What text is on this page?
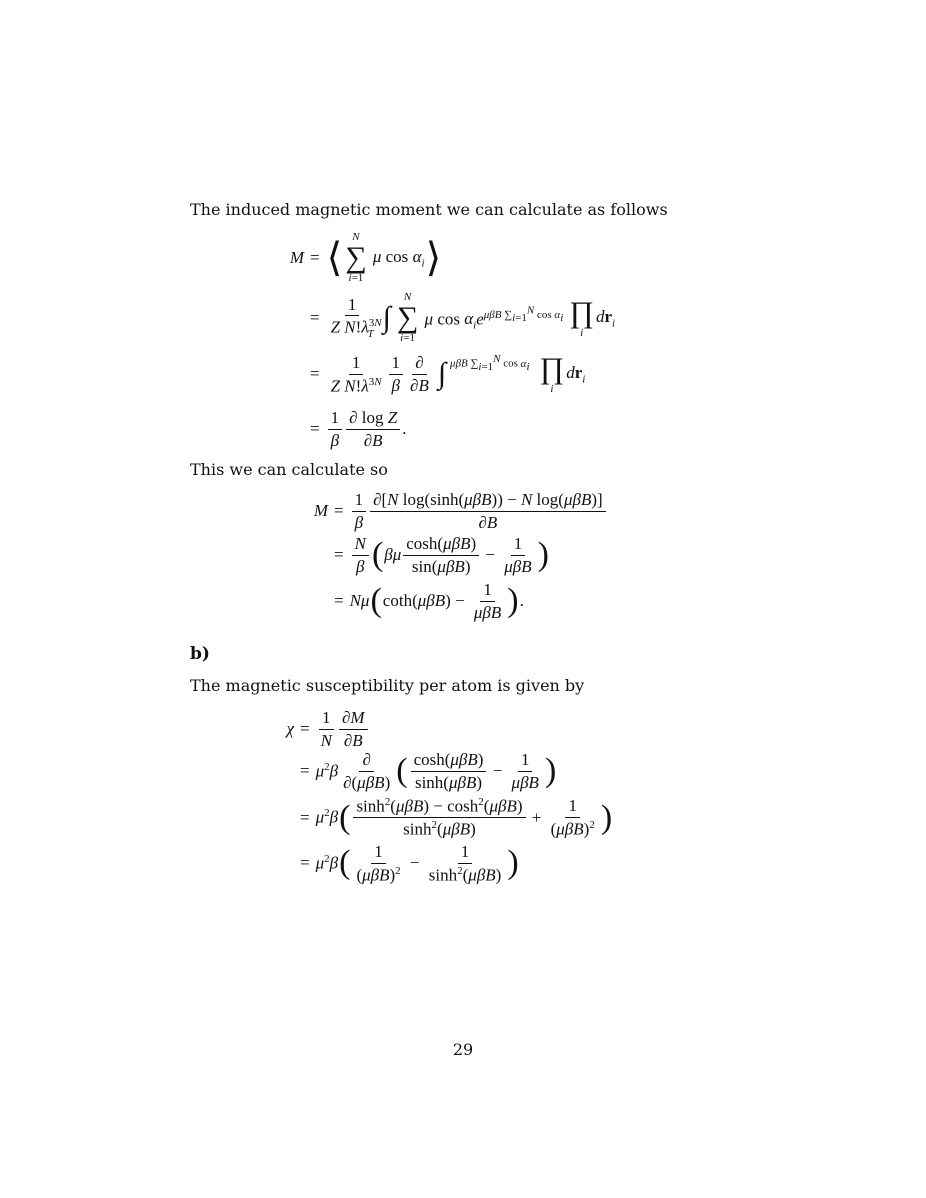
The induced magnetic moment we can calculate as follows
M = ⟨ N
∑
i=1
μ $\cos \alpha_i$ ⟩
= $\frac{1}{Z N!\lambda^{3N}_T}$ ∫
N
∑
i=1
μ $\cos \alpha_ie^{\mu\beta B \sum_{i=1}^N cos \alpha_i}$ ∏
i
$dr_i$
= $\frac{1}{Z N!\lambda^{3N}} \frac{1}{\beta} \frac{\partial}{\partial B}$ ∫ $^{\mu\beta B \sum_{i=1}^N cos \alpha_i}$ ∏
i
$dr_i$
= $\frac{1}{\beta} \frac{\text{∂ log Z}}{\partial B}$ .
This we can calculate so
$M = \frac{1}{\beta} \frac{\text{∂[N log(sinh(μβB)) − N log(μβB)]}}{\partial B}$
= $\frac{N}{\beta}$ ( βμ $\frac{\text{cosh(μβB)}}{\text{sin(μβB)}} - \frac{1}{\text{μβB}}$ )
= Nμ ( $\cot h(\mu\beta B) - \frac{1}{\text{μβB}}$ ) .
b)
The magnetic susceptibility per atom is given by
$\chi = \frac{1}{N} \frac{\partial M}{\partial B}$
= $\mu^2\beta \frac{\partial}{\text{∂(μβB)}}$ ( $\frac{\text{cosh(μβB)}}{\text{sinh(μβB)}} - \frac{1}{\text{μβB}}$ )
= $\mu^2\beta$ ( $\frac{\sinh^2(\mu\beta B) - \cosh^2(\mu\beta B)}{\sinh^2(\mu\beta B)} + \frac{1}{(\mu\beta B)^2}$ )
= $\mu^2\beta$ ( $\frac{1}{(\mu\beta B)^2} - \frac{1}{\sinh^2(\mu\beta B)}$ )
29
